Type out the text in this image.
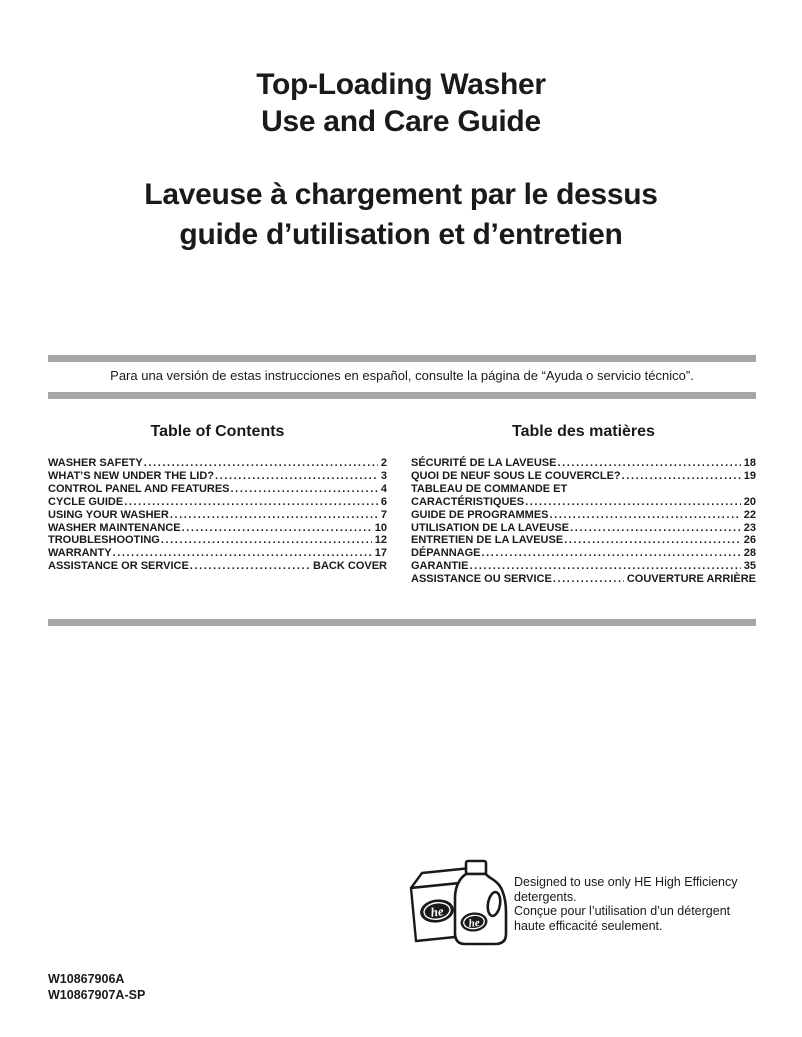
Top-Loading Washer
Use and Care Guide
Laveuse à chargement par le dessus
guide d’utilisation et d’entretien
Para una versión de estas instrucciones en español, consulte la página de “Ayuda o servicio técnico”.
Table of Contents
WASHER SAFETY .....	2
WHAT’S NEW UNDER THE LID? .....	3
CONTROL PANEL AND FEATURES .....	4
CYCLE GUIDE .....	6
USING YOUR WASHER .....	7
WASHER MAINTENANCE .....	10
TROUBLESHOOTING .....	12
WARRANTY .....	17
ASSISTANCE OR SERVICE .....	BACK COVER
Table des matières
SÉCURITÉ DE LA LAVEUSE .....	18
QUOI DE NEUF SOUS LE COUVERCLE? .....	19
TABLEAU DE COMMANDE ET
CARACTÉRISTIQUES .....	20
GUIDE DE PROGRAMMES .....	22
UTILISATION DE LA LAVEUSE .....	23
ENTRETIEN DE LA LAVEUSE .....	26
DÉPANNAGE .....	28
GARANTIE .....	35
ASSISTANCE OU SERVICE .....	COUVERTURE ARRIÈRE
he
he
Designed to use only HE High Efficiency detergents.
Conçue pour l’utilisation d’un détergent haute efficacité seulement.
W10867906A
W10867907A-SP
